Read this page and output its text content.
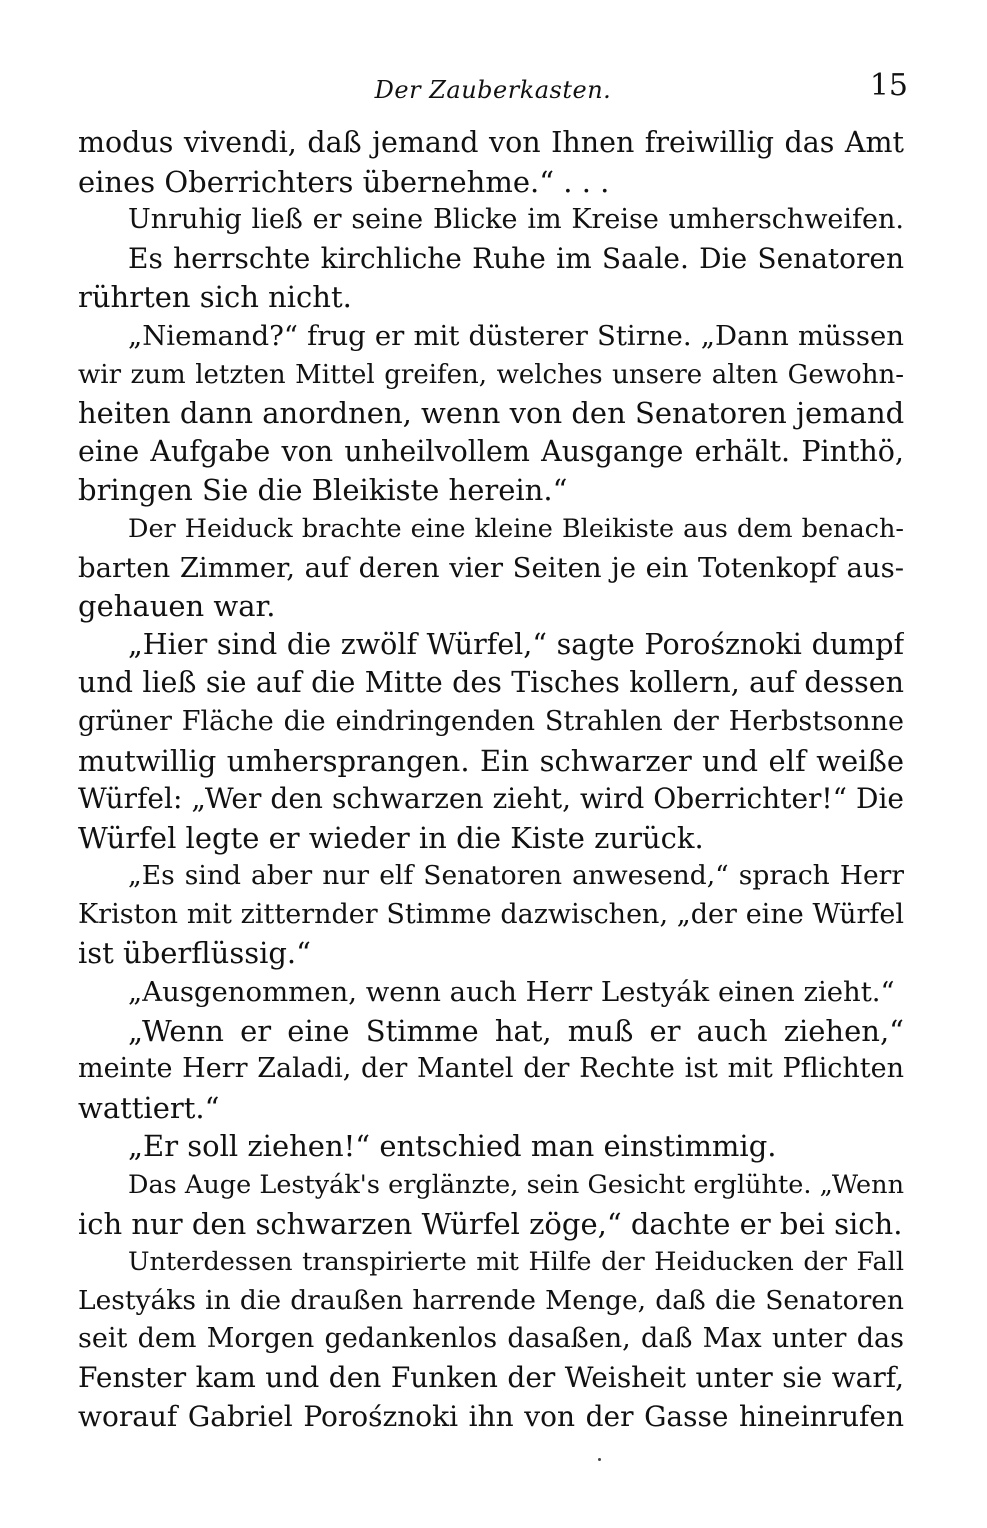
Der Zauberkasten.	15
modus vivendi, daß jemand von Ihnen freiwillig das Amt
eines Oberrichters übernehme.“ . . .
Unruhig ließ er seine Blicke im Kreise umherschweifen.
Es herrschte kirchliche Ruhe im Saale. Die Senatoren
rührten sich nicht.
„Niemand?“ frug er mit düsterer Stirne. „Dann müssen
wir zum letzten Mittel greifen, welches unsere alten Gewohn-
heiten dann anordnen, wenn von den Senatoren jemand
eine Aufgabe von unheilvollem Ausgange erhält. Pinthö,
bringen Sie die Bleikiste herein.“
Der Heiduck brachte eine kleine Bleikiste aus dem benach-
barten Zimmer, auf deren vier Seiten je ein Totenkopf aus-
gehauen war.
„Hier sind die zwölf Würfel,“ sagte Porośznoki dumpf
und ließ sie auf die Mitte des Tisches kollern, auf dessen
grüner Fläche die eindringenden Strahlen der Herbstsonne
mutwillig umhersprangen. Ein schwarzer und elf weiße
Würfel: „Wer den schwarzen zieht, wird Oberrichter!“ Die
Würfel legte er wieder in die Kiste zurück.
„Es sind aber nur elf Senatoren anwesend,“ sprach Herr
Kriston mit zitternder Stimme dazwischen, „der eine Würfel
ist überflüssig.“
„Ausgenommen, wenn auch Herr Lestyák einen zieht.“
„Wenn er eine Stimme hat, muß er auch ziehen,“
meinte Herr Zaladi, der Mantel der Rechte ist mit Pflichten
wattiert.“
„Er soll ziehen!“ entschied man einstimmig.
Das Auge Lestyák's erglänzte, sein Gesicht erglühte. „Wenn
ich nur den schwarzen Würfel zöge,“ dachte er bei sich.
Unterdessen transpirierte mit Hilfe der Heiducken der Fall
Lestyáks in die draußen harrende Menge, daß die Senatoren
seit dem Morgen gedankenlos dasaßen, daß Max unter das
Fenster kam und den Funken der Weisheit unter sie warf,
worauf Gabriel Porośznoki ihn von der Gasse hineinrufen
